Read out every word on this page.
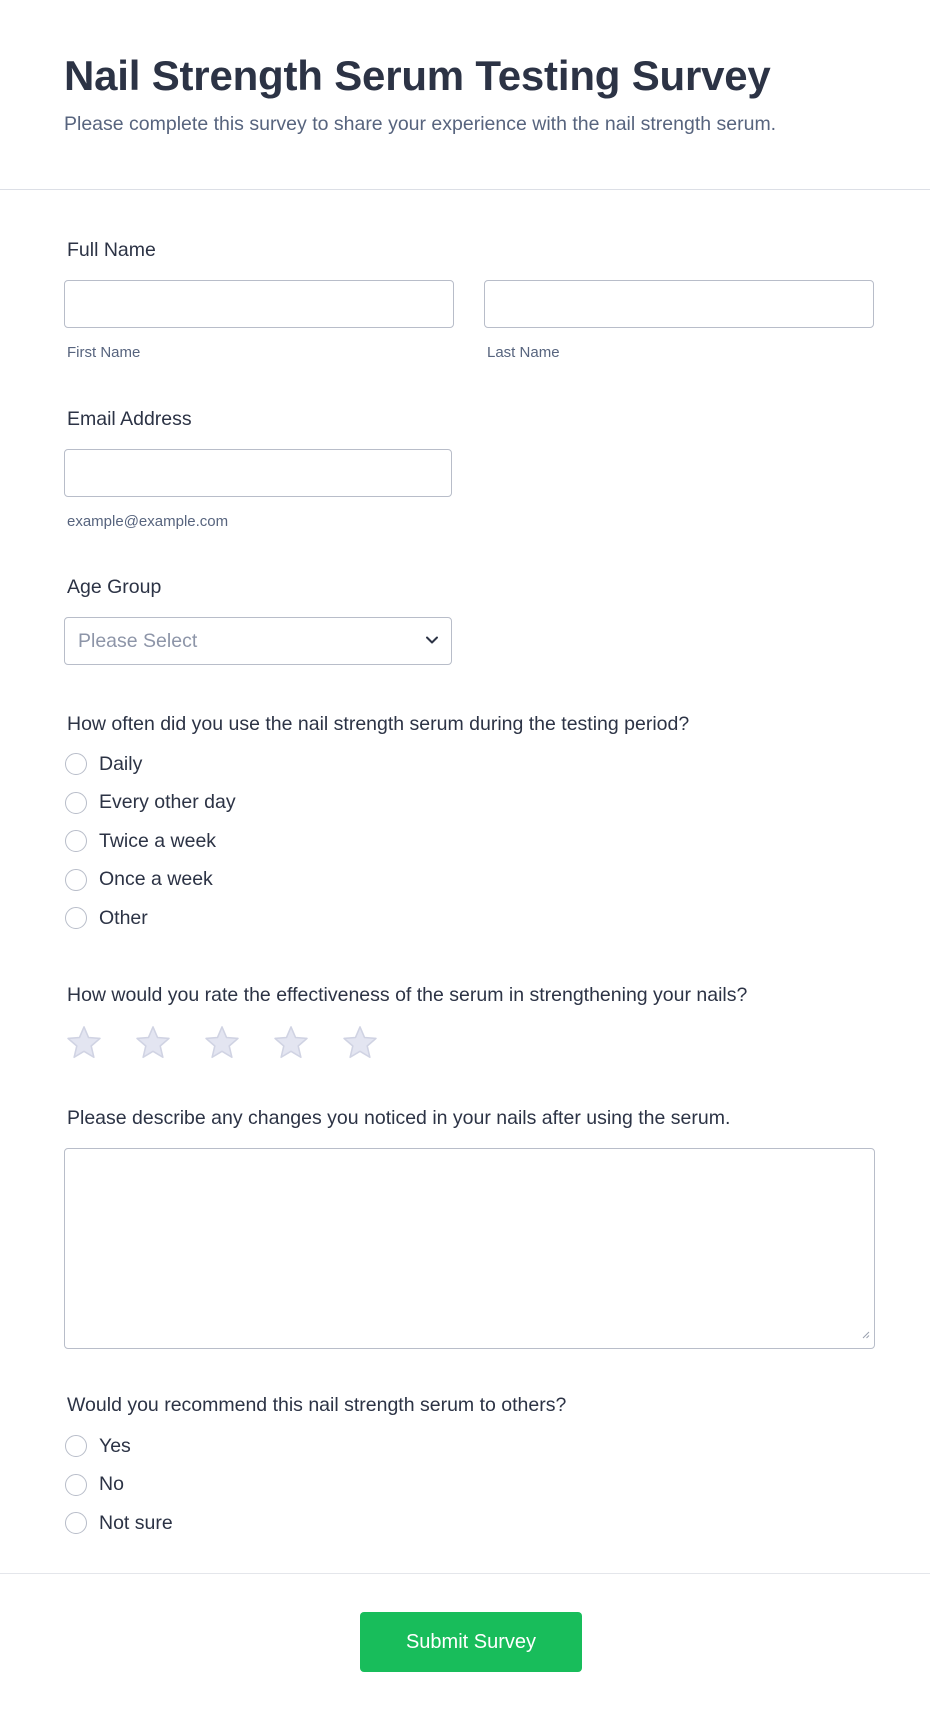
Nail Strength Serum Testing Survey
Please complete this survey to share your experience with the nail strength serum.
Full Name
First Name	Last Name
Email Address
example@example.com
Age Group
Please Select
How often did you use the nail strength serum during the testing period?
Daily
Every other day
Twice a week
Once a week
Other
How would you rate the effectiveness of the serum in strengthening your nails?
Please describe any changes you noticed in your nails after using the serum.
Would you recommend this nail strength serum to others?
Yes
No
Not sure
Submit Survey
